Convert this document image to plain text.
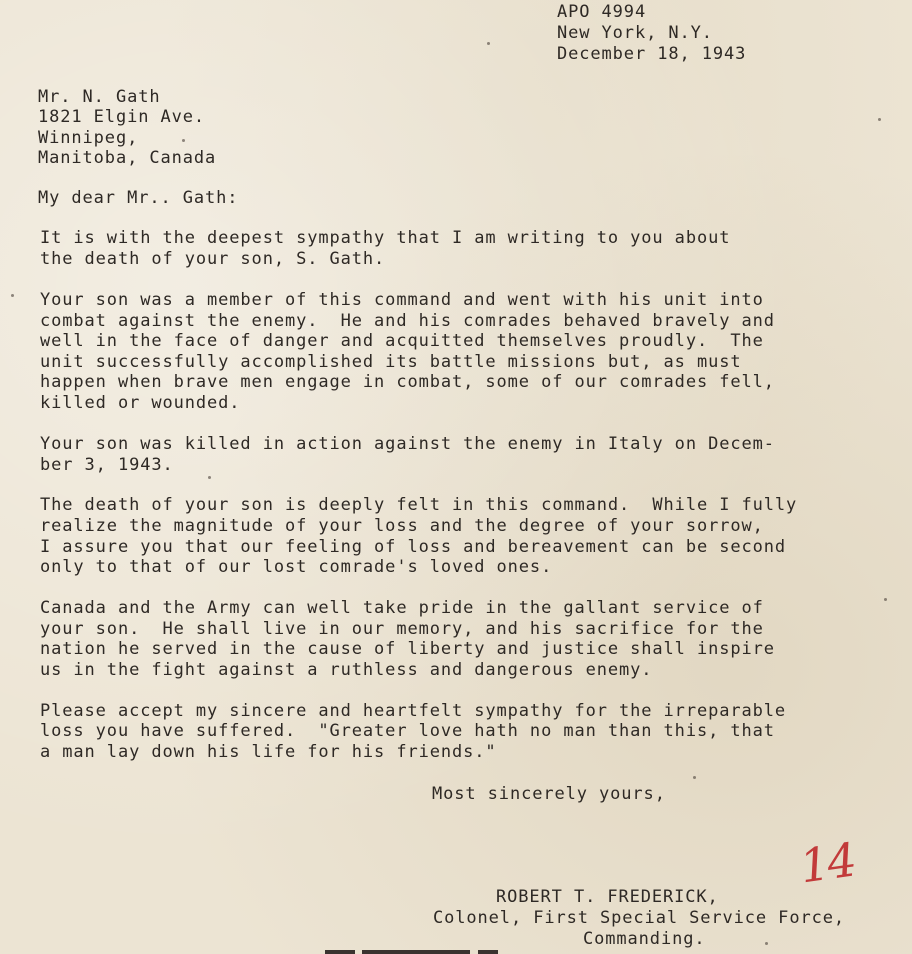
APO 4994
New York, N.Y.
December 18, 1943
Mr. N. Gath
1821 Elgin Ave.
Winnipeg,
Manitoba, Canada
My dear Mr.. Gath:
It is with the deepest sympathy that I am writing to you about
the death of your son, S. Gath.
Your son was a member of this command and went with his unit into
combat against the enemy.  He and his comrades behaved bravely and
well in the face of danger and acquitted themselves proudly.  The
unit successfully accomplished its battle missions but, as must
happen when brave men engage in combat, some of our comrades fell,
killed or wounded.
Your son was killed in action against the enemy in Italy on Decem-
ber 3, 1943.
The death of your son is deeply felt in this command.  While I fully
realize the magnitude of your loss and the degree of your sorrow,
I assure you that our feeling of loss and bereavement can be second
only to that of our lost comrade's loved ones.
Canada and the Army can well take pride in the gallant service of
your son.  He shall live in our memory, and his sacrifice for the
nation he served in the cause of liberty and justice shall inspire
us in the fight against a ruthless and dangerous enemy.
Please accept my sincere and heartfelt sympathy for the irreparable
loss you have suffered.  "Greater love hath no man than this, that
a man lay down his life for his friends."
Most sincerely yours,
ROBERT T. FREDERICK,
Colonel, First Special Service Force,
Commanding.
14
